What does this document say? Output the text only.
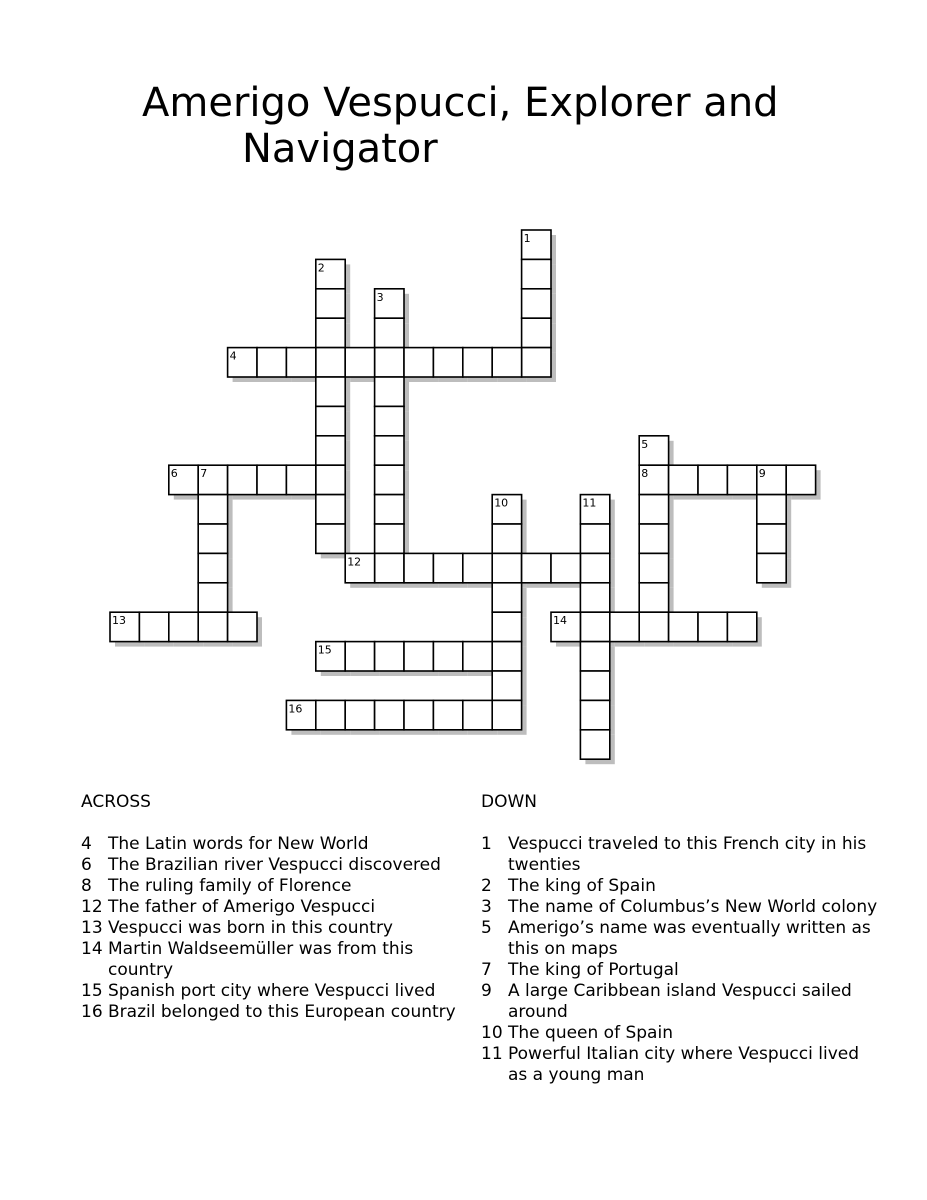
Amerigo Vespucci, Explorer and
Navigator
1
2
3
4
5
6 7	8	9
10	11
12
13	14
15
16
ACROSS
4 The Latin words for New World
6 The Brazilian river Vespucci discovered
8 The ruling family of Florence
12 The father of Amerigo Vespucci
13 Vespucci was born in this country
14 Martin Waldseemüller was from this country
15 Spanish port city where Vespucci lived
16 Brazil belonged to this European country
DOWN
1 Vespucci traveled to this French city in his twenties
2 The king of Spain
3 The name of Columbus’s New World colony
5 Amerigo’s name was eventually written as this on maps
7 The king of Portugal
9 A large Caribbean island Vespucci sailed around
10 The queen of Spain
11 Powerful Italian city where Vespucci lived as a young man
